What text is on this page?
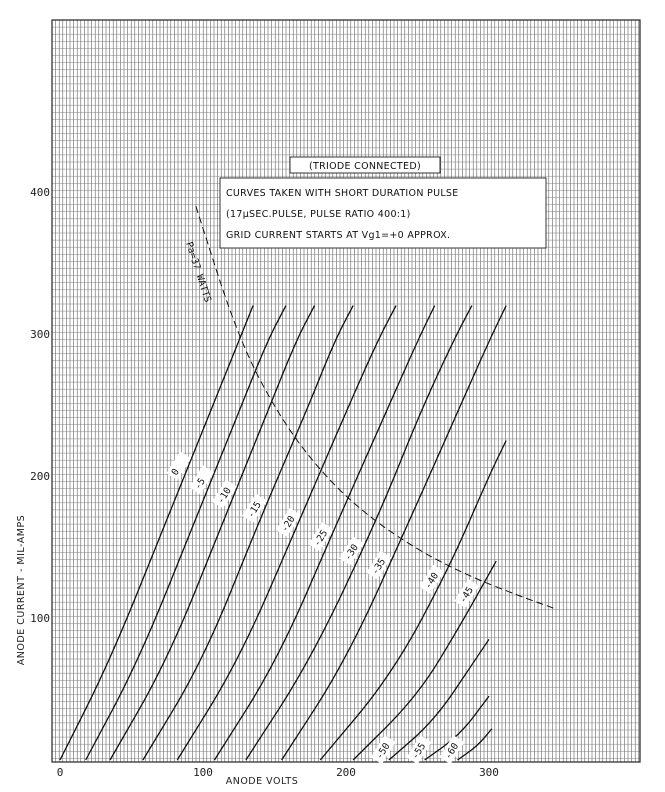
0	100	200	300
100
200
300
400
0
-5
-10
-15
-20
-25
-30
-35
-40
-45
-50 -55 -60
(TRIODE CONNECTED)
CURVES TAKEN WITH SHORT DURATION PULSE
(17µSEC.PULSE, PULSE RATIO 400:1)
GRID CURRENT STARTS AT Vg1=+0 APPROX.
Pa=37 WATTS
ANODE VOLTS
ANODE CURRENT - MIL-AMPS
